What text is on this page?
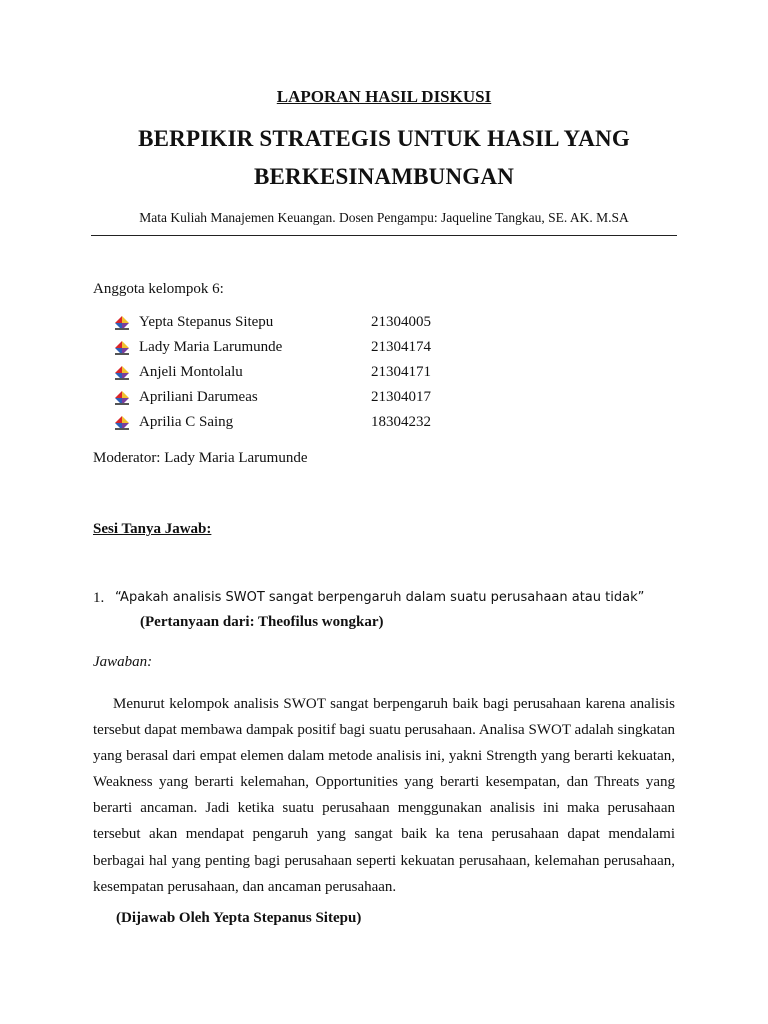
LAPORAN HASIL DISKUSI
BERPIKIR STRATEGIS UNTUK HASIL YANG
BERKESINAMBUNGAN
Mata Kuliah Manajemen Keuangan. Dosen Pengampu: Jaqueline Tangkau, SE. AK. M.SA
Anggota kelompok 6:
Yepta Stepanus Sitepu	21304005
Lady Maria Larumunde	21304174
Anjeli Montolalu	21304171
Apriliani Darumeas	21304017
Aprilia C Saing	18304232
Moderator: Lady Maria Larumunde
Sesi Tanya Jawab:
1. “Apakah analisis SWOT sangat berpengaruh dalam suatu perusahaan atau tidak”
(Pertanyaan dari: Theofilus wongkar)
Jawaban:
Menurut kelompok analisis SWOT sangat berpengaruh baik bagi perusahaan karena analisis tersebut dapat membawa dampak positif bagi suatu perusahaan. Analisa SWOT adalah singkatan yang berasal dari empat elemen dalam metode analisis ini, yakni Strength yang berarti kekuatan, Weakness yang berarti kelemahan, Opportunities yang berarti kesempatan, dan Threats yang berarti ancaman. Jadi ketika suatu perusahaan menggunakan analisis ini maka perusahaan tersebut akan mendapat pengaruh yang sangat baik ka tena perusahaan dapat mendalami berbagai hal yang penting bagi perusahaan seperti kekuatan perusahaan, kelemahan perusahaan, kesempatan perusahaan, dan ancaman perusahaan.
(Dijawab Oleh Yepta Stepanus Sitepu)
